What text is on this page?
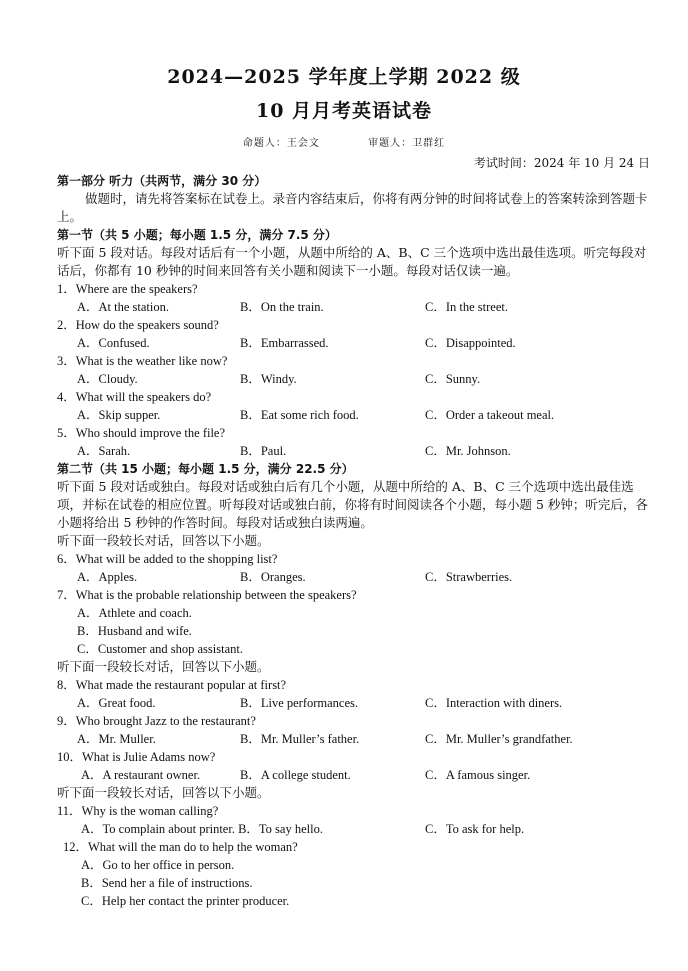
2024—2025 学年度上学期 2022 级
10 月月考英语试卷
命题人：王会文	审题人：卫群红
考试时间：2024 年 10 月 24 日
第一部分 听力（共两节，满分 30 分）
做题时，请先将答案标在试卷上。录音内容结束后，你将有两分钟的时间将试卷上的答案转涂到答题卡上。
第一节（共 5 小题；每小题 1.5 分，满分 7.5 分）
听下面 5 段对话。每段对话后有一个小题，从题中所给的 A、B、C 三个选项中选出最佳选项。听完每段对话后，你都有 10 秒钟的时间来回答有关小题和阅读下一小题。每段对话仅读一遍。
1．Where are the speakers?
A．At the station.	B．On the train.	C．In the street.
2．How do the speakers sound?
A．Confused.	B．Embarrassed.	C．Disappointed.
3．What is the weather like now?
A．Cloudy.	B．Windy.	C．Sunny.
4．What will the speakers do?
A．Skip supper.	B．Eat some rich food.	C．Order a takeout meal.
5．Who should improve the file?
A．Sarah.	B．Paul.	C．Mr. Johnson.
第二节（共 15 小题；每小题 1.5 分，满分 22.5 分）
听下面 5 段对话或独白。每段对话或独白后有几个小题，从题中所给的 A、B、C 三个选项中选出最佳选项，并标在试卷的相应位置。听每段对话或独白前，你将有时间阅读各个小题，每小题 5 秒钟；听完后，各小题将给出 5 秒钟的作答时间。每段对话或独白读两遍。
听下面一段较长对话，回答以下小题。
6．What will be added to the shopping list?
A．Apples.	B．Oranges.	C．Strawberries.
7．What is the probable relationship between the speakers?
A．Athlete and coach.
B．Husband and wife.
C．Customer and shop assistant.
听下面一段较长对话，回答以下小题。
8．What made the restaurant popular at first?
A．Great food.	B．Live performances.	C．Interaction with diners.
9．Who brought Jazz to the restaurant?
A．Mr. Muller.	B．Mr. Muller’s father.	C．Mr. Muller’s grandfather.
10．What is Julie Adams now?
A．A restaurant owner.	B．A college student.	C．A famous singer.
听下面一段较长对话，回答以下小题。
11．Why is the woman calling?
A．To complain about printer. B．To say hello.	C．To ask for help.
12．What will the man do to help the woman?
A．Go to her office in person.
B．Send her a file of instructions.
C．Help her contact the printer producer.
